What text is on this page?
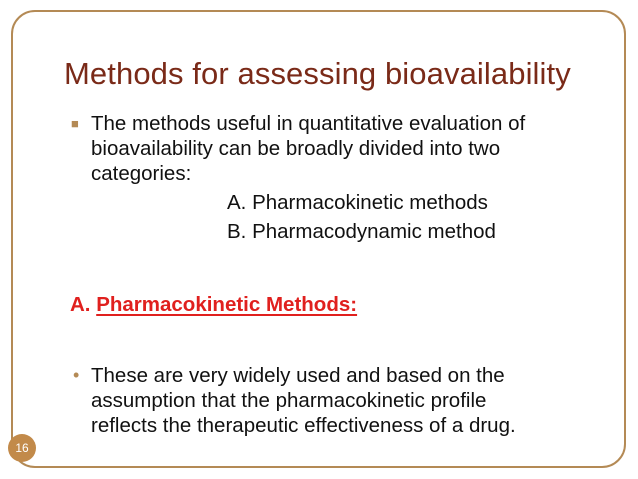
Methods for assessing bioavailability
■ The methods useful in quantitative evaluation of
bioavailability can be broadly divided into two
categories:
A. Pharmacokinetic methods
B. Pharmacodynamic method
A. Pharmacokinetic Methods:
• These are very widely used and based on the
assumption that the pharmacokinetic profile
reflects the therapeutic effectiveness of a drug.
16
